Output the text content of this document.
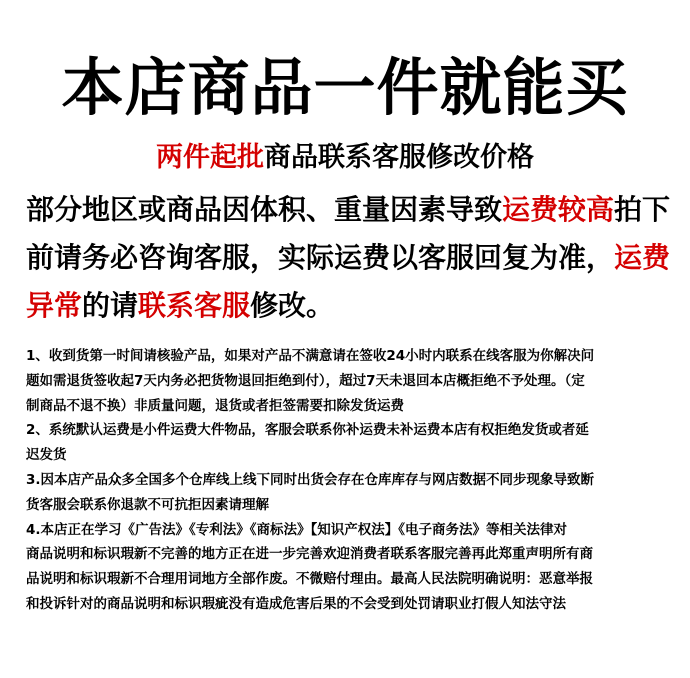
本店商品一件就能买
两件起批商品联系客服修改价格
部分地区或商品因体积、重量因素导致运费较高拍下
前请务必咨询客服，实际运费以客服回复为准，运费
异常的请联系客服修改。
1、收到货第一时间请核验产品，如果对产品不满意请在签收24小时内联系在线客服为你解决问
题如需退货签收起7天内务必把货物退回拒绝到付），超过7天未退回本店概拒绝不予处理。（定
制商品不退不换）非质量问题，退货或者拒签需要扣除发货运费
2、系统默认运费是小件运费大件物品，客服会联系你补运费未补运费本店有权拒绝发货或者延
迟发货
3.因本店产品众多全国多个仓库线上线下同时出货会存在仓库库存与网店数据不同步现象导致断
货客服会联系你退款不可抗拒因素请理解
4.本店正在学习《广告法》《专利法》《商标法》【知识产权法】《电子商务法》等相关法律对
商品说明和标识瑕新不完善的地方正在进一步完善欢迎消费者联系客服完善再此郑重声明所有商
品说明和标识瑕新不合理用词地方全部作废。不微赔付理由。最高人民法院明确说明：恶意举报
和投诉针对的商品说明和标识瑕疵没有造成危害后果的不会受到处罚请职业打假人知法守法
